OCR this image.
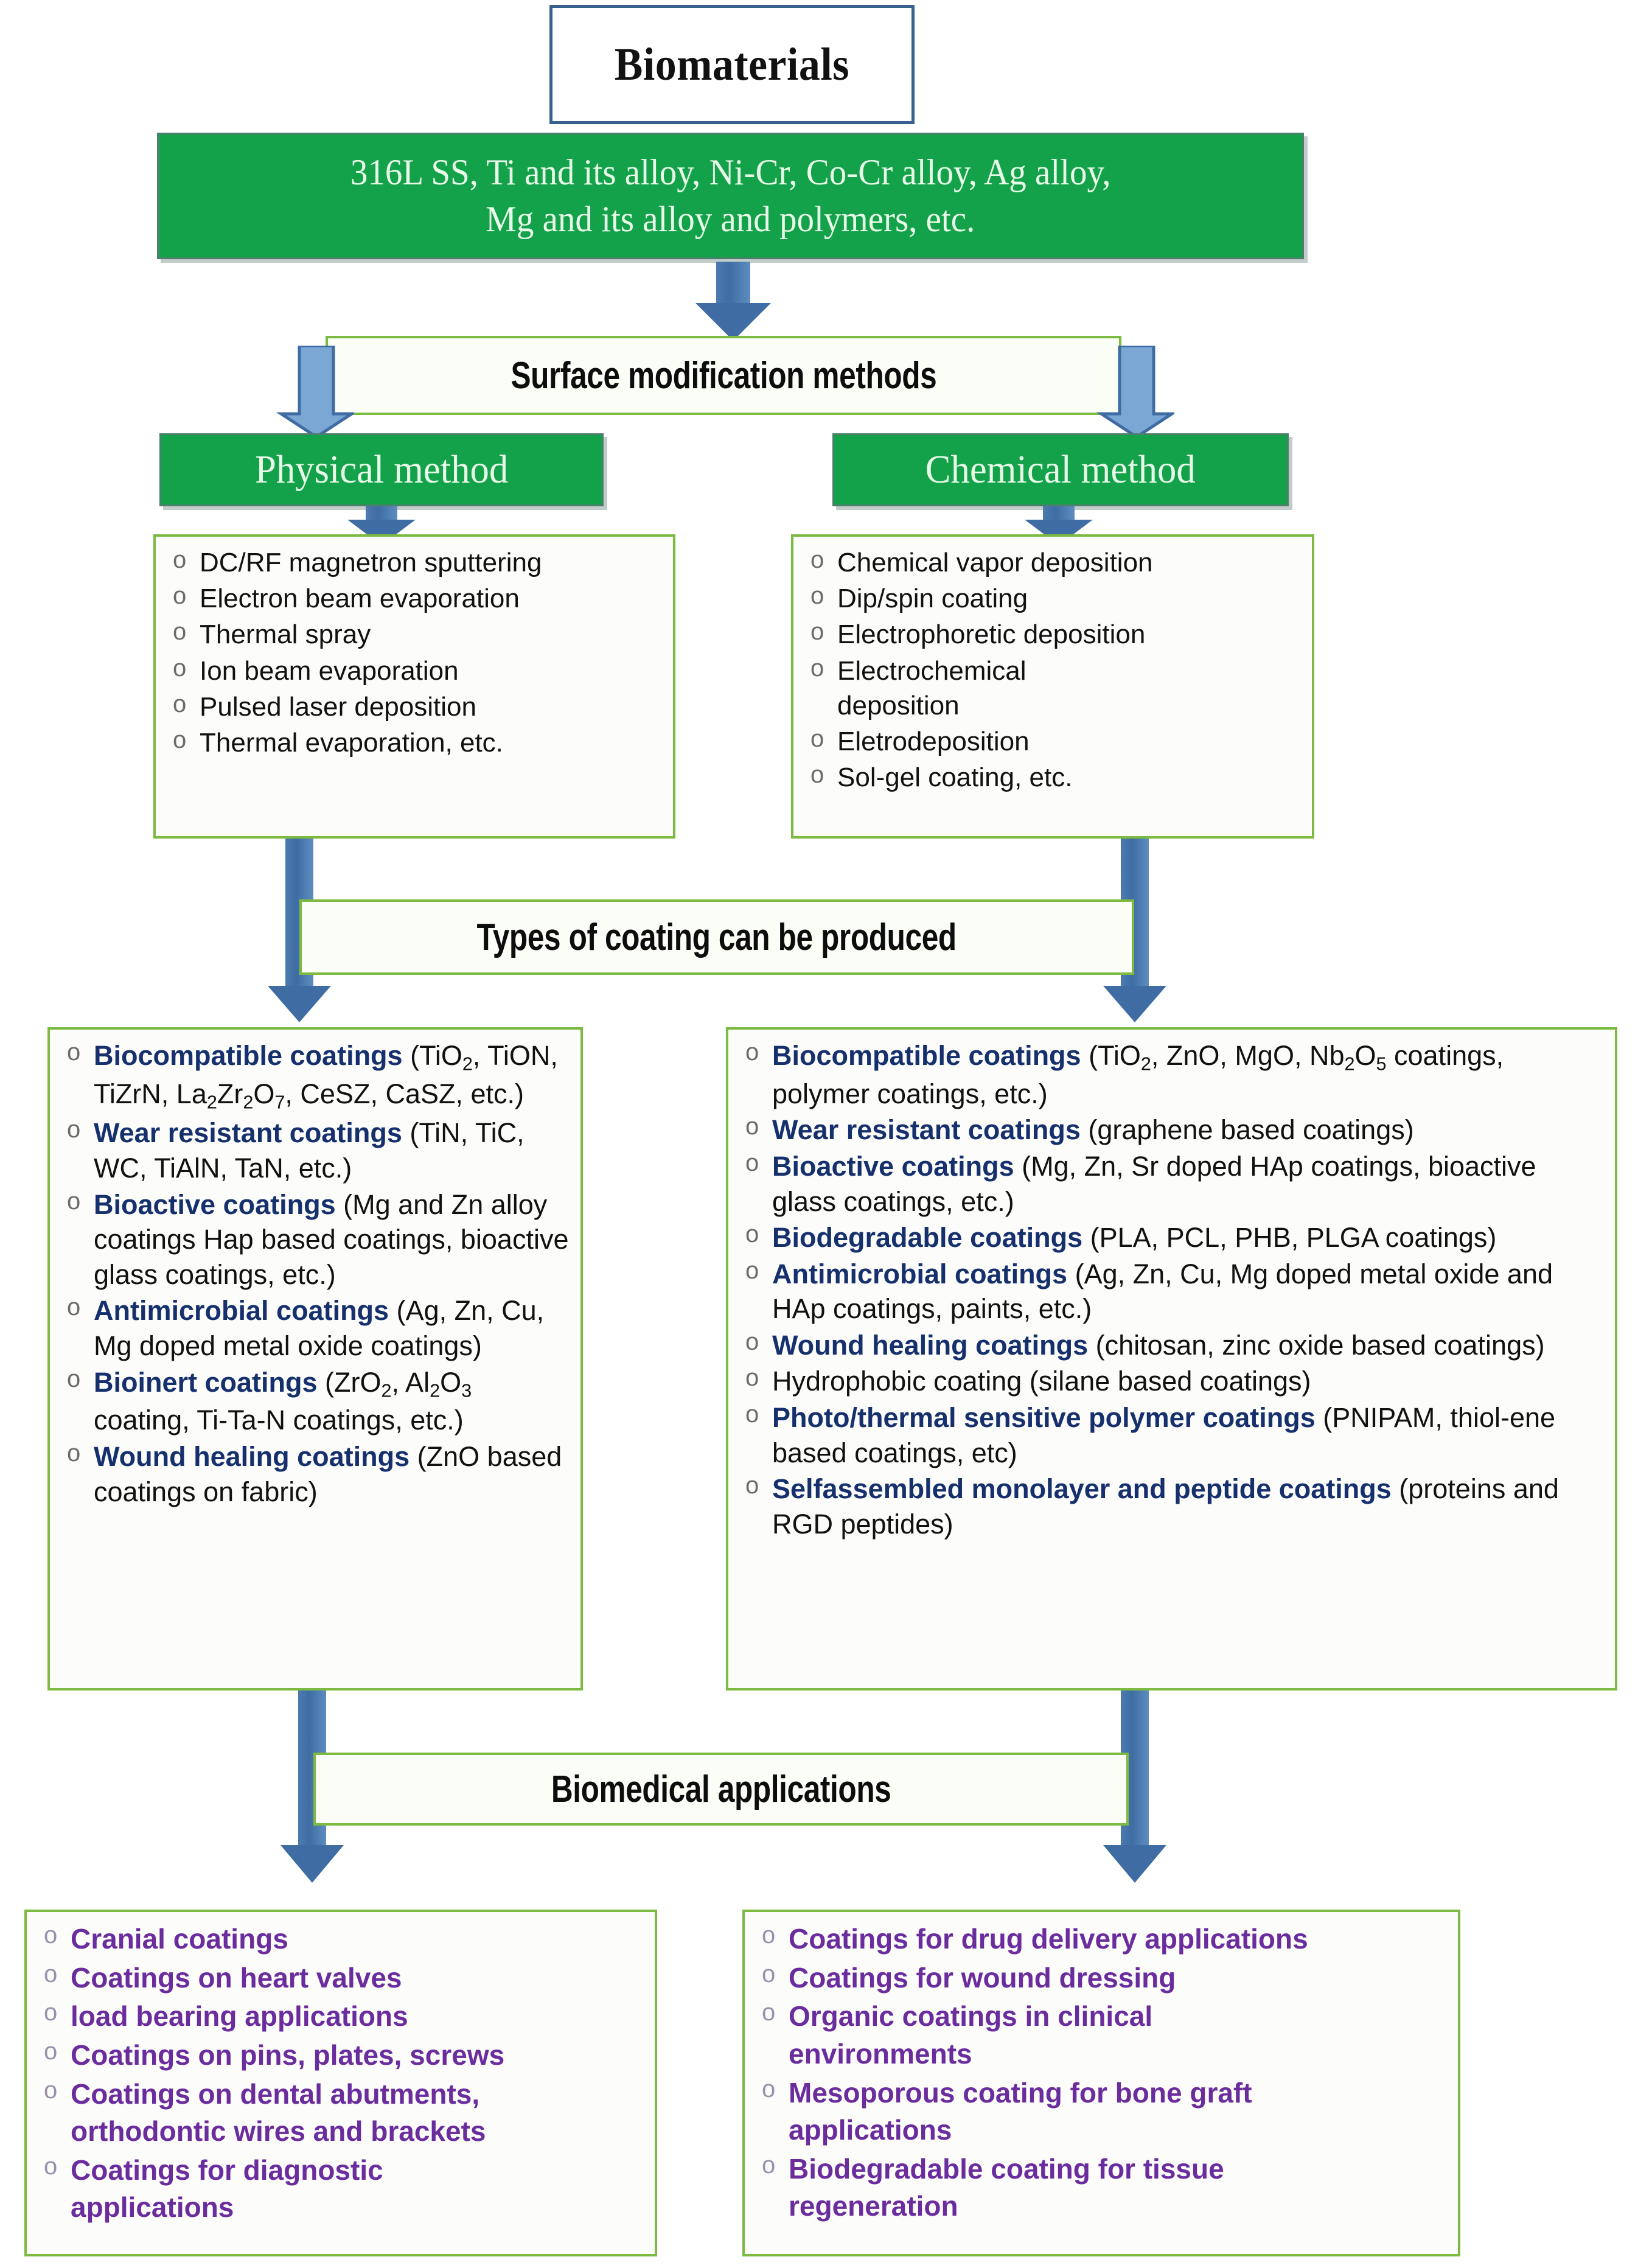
Biomaterials
316L SS, Ti and its alloy, Ni-Cr, Co-Cr alloy, Ag alloy,
Mg and its alloy and polymers, etc.
Surface modification methods
Physical method	Chemical method
o DC/RF magnetron sputtering
o Electron beam evaporation
o Thermal spray
o Ion beam evaporation
o Pulsed laser deposition
o Thermal evaporation, etc.
o Chemical vapor deposition
o Dip/spin coating
o Electrophoretic deposition
o Electrochemical deposition
o Eletrodeposition
o Sol-gel coating, etc.
Types of coating can be produced
o Biocompatible coatings (TiO$_2$, TiON, TiZrN, $La_2Zr_2O_7$, CeSZ, CaSZ, etc.)
o Wear resistant coatings (TiN, TiC, WC, TiAlN, TaN, etc.)
o Bioactive coatings (Mg and Zn alloy coatings Hap based coatings, bioactive glass coatings, etc.)
o Antimicrobial coatings (Ag, Zn, Cu, Mg doped metal oxide coatings)
o Bioinert coatings (ZrO$_2$, $Al_2O_3$ coating, Ti-Ta-N coatings, etc.)
o Wound healing coatings (ZnO based coatings on fabric)
o Biocompatible coatings (TiO$_2$, ZnO, MgO, $Nb_2O_5$ coatings, polymer coatings, etc.)
o Wear resistant coatings (graphene based coatings)
o Bioactive coatings (Mg, Zn, Sr doped HAp coatings, bioactive glass coatings, etc.)
o Biodegradable coatings (PLA, PCL, PHB, PLGA coatings)
o Antimicrobial coatings (Ag, Zn, Cu, Mg doped metal oxide and HAp coatings, paints, etc.)
o Wound healing coatings (chitosan, zinc oxide based coatings)
o Hydrophobic coating (silane based coatings)
o Photo/thermal sensitive polymer coatings (PNIPAM, thiol-ene based coatings, etc)
o Selfassembled monolayer and peptide coatings (proteins and RGD peptides)
Biomedical applications
o Cranial coatings
o Coatings on heart valves
o load bearing applications
o Coatings on pins, plates, screws
o Coatings on dental abutments, orthodontic wires and brackets
o Coatings for diagnostic applications
o Coatings for drug delivery applications
o Coatings for wound dressing
o Organic coatings in clinical environments
o Mesoporous coating for bone graft applications
o Biodegradable coating for tissue regeneration
